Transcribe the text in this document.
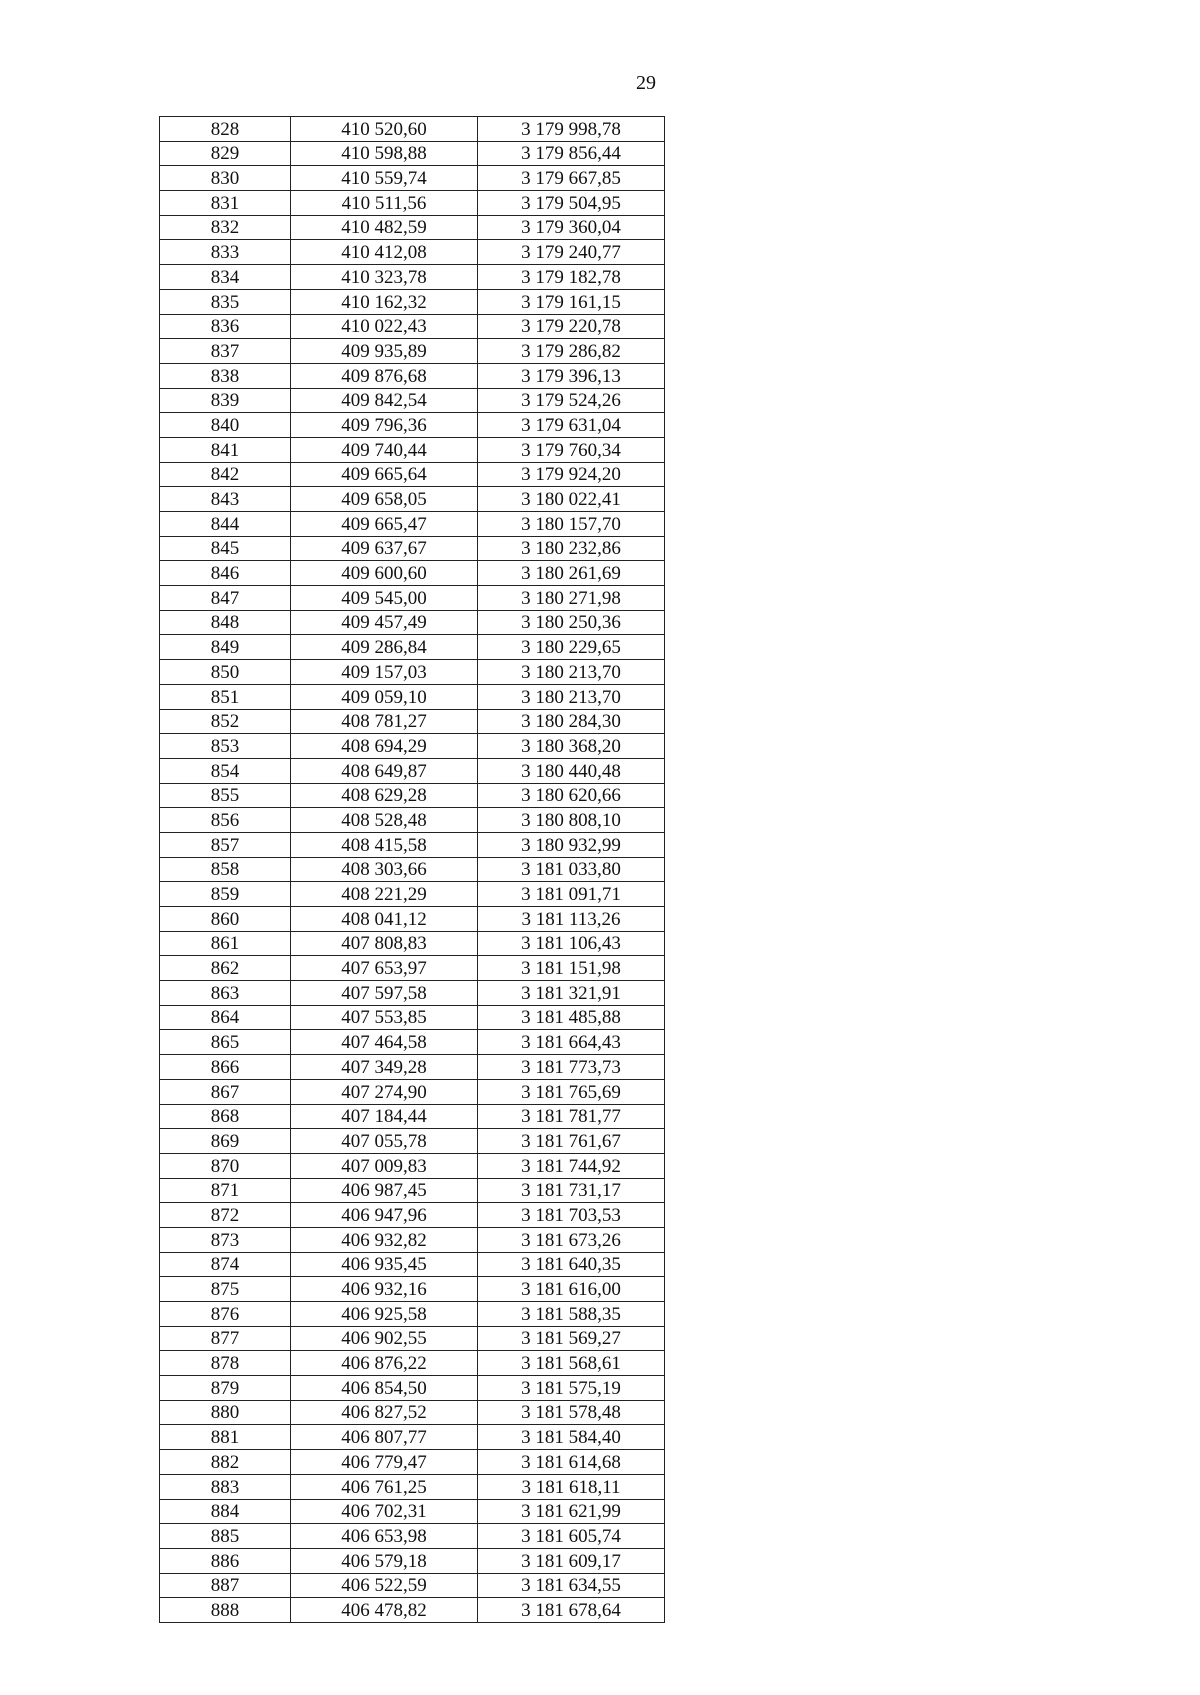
29
828	410 520,60	3 179 998,78
829	410 598,88	3 179 856,44
830	410 559,74	3 179 667,85
831	410 511,56	3 179 504,95
832	410 482,59	3 179 360,04
833	410 412,08	3 179 240,77
834	410 323,78	3 179 182,78
835	410 162,32	3 179 161,15
836	410 022,43	3 179 220,78
837	409 935,89	3 179 286,82
838	409 876,68	3 179 396,13
839	409 842,54	3 179 524,26
840	409 796,36	3 179 631,04
841	409 740,44	3 179 760,34
842	409 665,64	3 179 924,20
843	409 658,05	3 180 022,41
844	409 665,47	3 180 157,70
845	409 637,67	3 180 232,86
846	409 600,60	3 180 261,69
847	409 545,00	3 180 271,98
848	409 457,49	3 180 250,36
849	409 286,84	3 180 229,65
850	409 157,03	3 180 213,70
851	409 059,10	3 180 213,70
852	408 781,27	3 180 284,30
853	408 694,29	3 180 368,20
854	408 649,87	3 180 440,48
855	408 629,28	3 180 620,66
856	408 528,48	3 180 808,10
857	408 415,58	3 180 932,99
858	408 303,66	3 181 033,80
859	408 221,29	3 181 091,71
860	408 041,12	3 181 113,26
861	407 808,83	3 181 106,43
862	407 653,97	3 181 151,98
863	407 597,58	3 181 321,91
864	407 553,85	3 181 485,88
865	407 464,58	3 181 664,43
866	407 349,28	3 181 773,73
867	407 274,90	3 181 765,69
868	407 184,44	3 181 781,77
869	407 055,78	3 181 761,67
870	407 009,83	3 181 744,92
871	406 987,45	3 181 731,17
872	406 947,96	3 181 703,53
873	406 932,82	3 181 673,26
874	406 935,45	3 181 640,35
875	406 932,16	3 181 616,00
876	406 925,58	3 181 588,35
877	406 902,55	3 181 569,27
878	406 876,22	3 181 568,61
879	406 854,50	3 181 575,19
880	406 827,52	3 181 578,48
881	406 807,77	3 181 584,40
882	406 779,47	3 181 614,68
883	406 761,25	3 181 618,11
884	406 702,31	3 181 621,99
885	406 653,98	3 181 605,74
886	406 579,18	3 181 609,17
887	406 522,59	3 181 634,55
888	406 478,82	3 181 678,64
